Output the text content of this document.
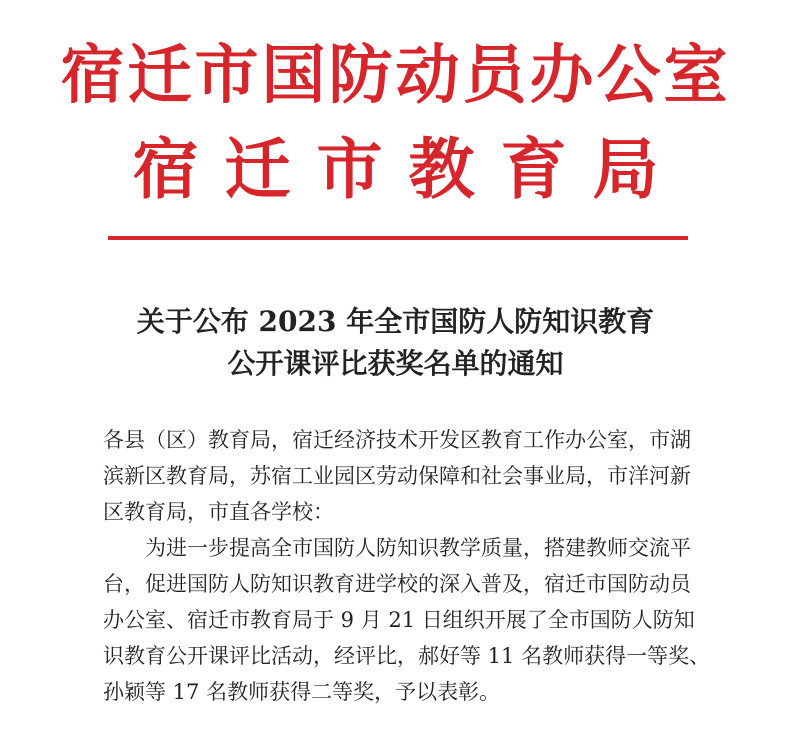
宿迁市国防动员办公室
宿迁市教育局
关于公布 2023 年全市国防人防知识教育
公开课评比获奖名单的通知
各县（区）教育局，宿迁经济技术开发区教育工作办公室，市湖
滨新区教育局，苏宿工业园区劳动保障和社会事业局，市洋河新
区教育局，市直各学校：
为进一步提高全市国防人防知识教学质量，搭建教师交流平
台，促进国防人防知识教育进学校的深入普及，宿迁市国防动员
办公室、宿迁市教育局于 9 月 21 日组织开展了全市国防人防知
识教育公开课评比活动，经评比，郝好等 11 名教师获得一等奖、
孙颖等 17 名教师获得二等奖，予以表彰。
